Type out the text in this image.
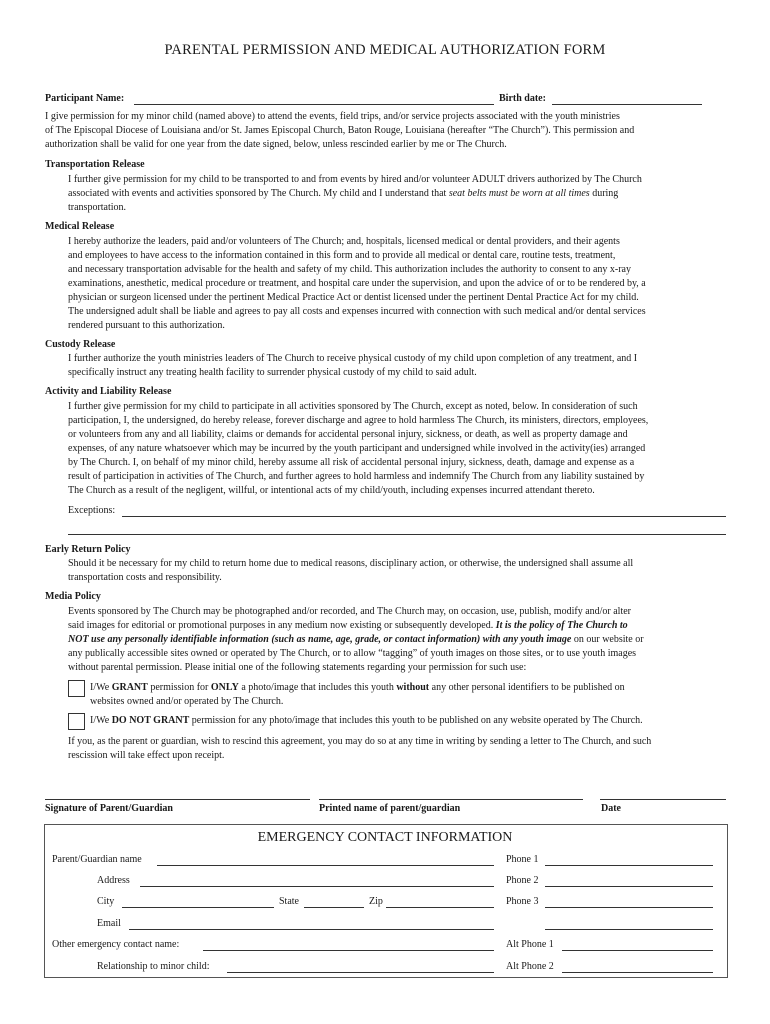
PARENTAL PERMISSION AND MEDICAL AUTHORIZATION FORM
Participant Name:	Birth date:
I give permission for my minor child (named above) to attend the events, field trips, and/or service projects associated with the youth ministries
of The Episcopal Diocese of Louisiana and/or St. James Episcopal Church, Baton Rouge, Louisiana (hereafter “The Church”). This permission and
authorization shall be valid for one year from the date signed, below, unless rescinded earlier by me or The Church.
Transportation Release
I further give permission for my child to be transported to and from events by hired and/or volunteer ADULT drivers authorized by The Church
associated with events and activities sponsored by The Church. My child and I understand that seat belts must be worn at all times during
transportation.
Medical Release
I hereby authorize the leaders, paid and/or volunteers of The Church; and, hospitals, licensed medical or dental providers, and their agents
and employees to have access to the information contained in this form and to provide all medical or dental care, routine tests, treatment,
and necessary transportation advisable for the health and safety of my child. This authorization includes the authority to consent to any x-ray
examinations, anesthetic, medical procedure or treatment, and hospital care under the supervision, and upon the advice of or to be rendered by, a
physician or surgeon licensed under the pertinent Medical Practice Act or dentist licensed under the pertinent Dental Practice Act for my child.
The undersigned adult shall be liable and agrees to pay all costs and expenses incurred with connection with such medical and/or dental services
rendered pursuant to this authorization.
Custody Release
I further authorize the youth ministries leaders of The Church to receive physical custody of my child upon completion of any treatment, and I
specifically instruct any treating health facility to surrender physical custody of my child to said adult.
Activity and Liability Release
I further give permission for my child to participate in all activities sponsored by The Church, except as noted, below. In consideration of such
participation, I, the undersigned, do hereby release, forever discharge and agree to hold harmless The Church, its ministers, directors, employees,
or volunteers from any and all liability, claims or demands for accidental personal injury, sickness, or death, as well as property damage and
expenses, of any nature whatsoever which may be incurred by the youth participant and undersigned while involved in the activity(ies) arranged
by The Church. I, on behalf of my minor child, hereby assume all risk of accidental personal injury, sickness, death, damage and expense as a
result of participation in activities of The Church, and further agrees to hold harmless and indemnify The Church from any liability sustained by
The Church as a result of the negligent, willful, or intentional acts of my child/youth, including expenses incurred attendant thereto.
Exceptions:
Early Return Policy
Should it be necessary for my child to return home due to medical reasons, disciplinary action, or otherwise, the undersigned shall assume all
transportation costs and responsibility.
Media Policy
Events sponsored by The Church may be photographed and/or recorded, and The Church may, on occasion, use, publish, modify and/or alter
said images for editorial or promotional purposes in any medium now existing or subsequently developed. It is the policy of The Church to
NOT use any personally identifiable information (such as name, age, grade, or contact information) with any youth image on our website or
any publically accessible sites owned or operated by The Church, or to allow “tagging” of youth images on those sites, or to use youth images
without parental permission. Please initial one of the following statements regarding your permission for such use:
I/We GRANT permission for ONLY a photo/image that includes this youth without any other personal identifiers to be published on
websites owned and/or operated by The Church.
I/We DO NOT GRANT permission for any photo/image that includes this youth to be published on any website operated by The Church.
If you, as the parent or guardian, wish to rescind this agreement, you may do so at any time in writing by sending a letter to The Church, and such
rescission will take effect upon receipt.
Signature of Parent/Guardian	Printed name of parent/guardian	Date
EMERGENCY CONTACT INFORMATION
Parent/Guardian name	Phone 1
Address	Phone 2
City	State	Zip	Phone 3
Email
Other emergency contact name:	Alt Phone 1
Relationship to minor child:	Alt Phone 2
